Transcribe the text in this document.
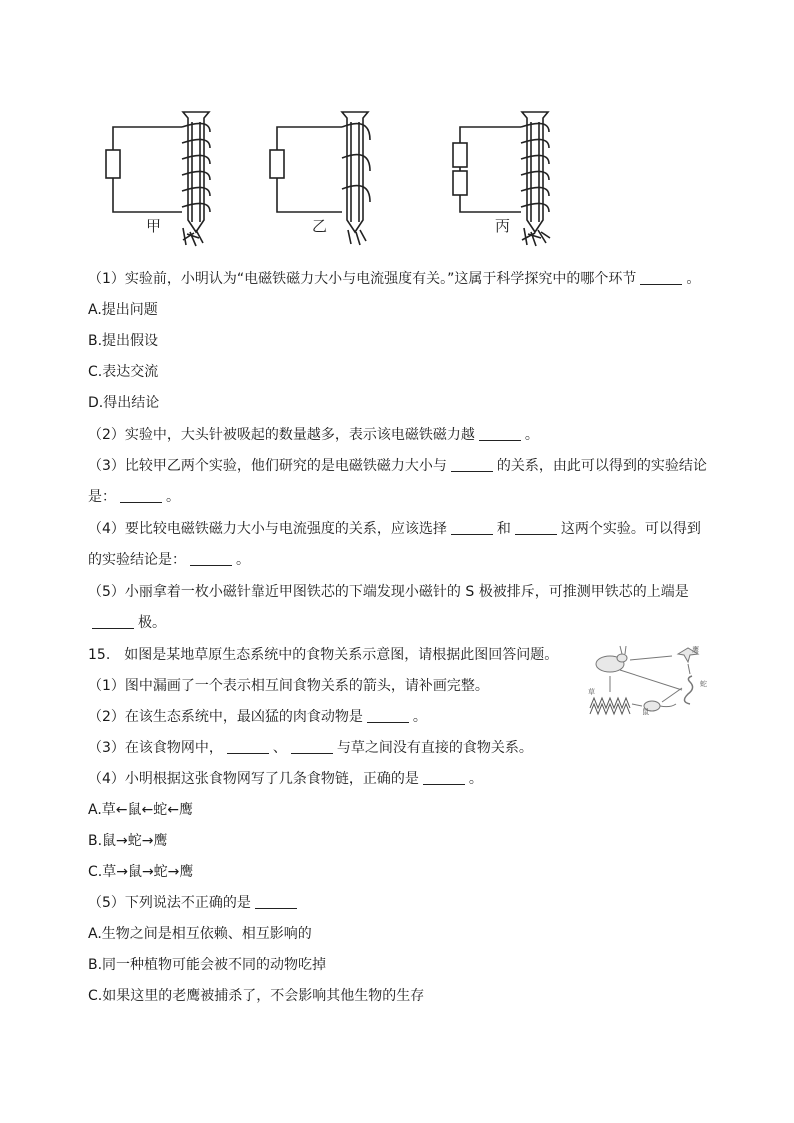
甲	乙	丙
（1）实验前，小明认为“电磁铁磁力大小与电流强度有关。”这属于科学探究中的哪个环节	。
A.提出问题
B.提出假设
C.表达交流
D.得出结论
（2）实验中，大头针被吸起的数量越多，表示该电磁铁磁力越	。
（3）比较甲乙两个实验，他们研究的是电磁铁磁力大小与	的关系，由此可以得到的实验结论
是：	。
（4）要比较电磁铁磁力大小与电流强度的关系，应该选择	和	这两个实验。可以得到
的实验结论是：	。
（5）小丽拿着一枚小磁针靠近甲图铁芯的下端发现小磁针的 S 极被排斥，可推测甲铁芯的上端是
极。
15.　如图是某地草原生态系统中的食物关系示意图，请根据此图回答问题。	鹰
蛇
草
鼠
（1）图中漏画了一个表示相互间食物关系的箭头，请补画完整。
（2）在该生态系统中，最凶猛的肉食动物是	。
（3）在该食物网中，	、	与草之间没有直接的食物关系。
（4）小明根据这张食物网写了几条食物链，正确的是	。
A.草←鼠←蛇←鹰
B.鼠→蛇→鹰
C.草→鼠→蛇→鹰
（5）下列说法不正确的是
A.生物之间是相互依赖、相互影响的
B.同一种植物可能会被不同的动物吃掉
C.如果这里的老鹰被捕杀了，不会影响其他生物的生存
